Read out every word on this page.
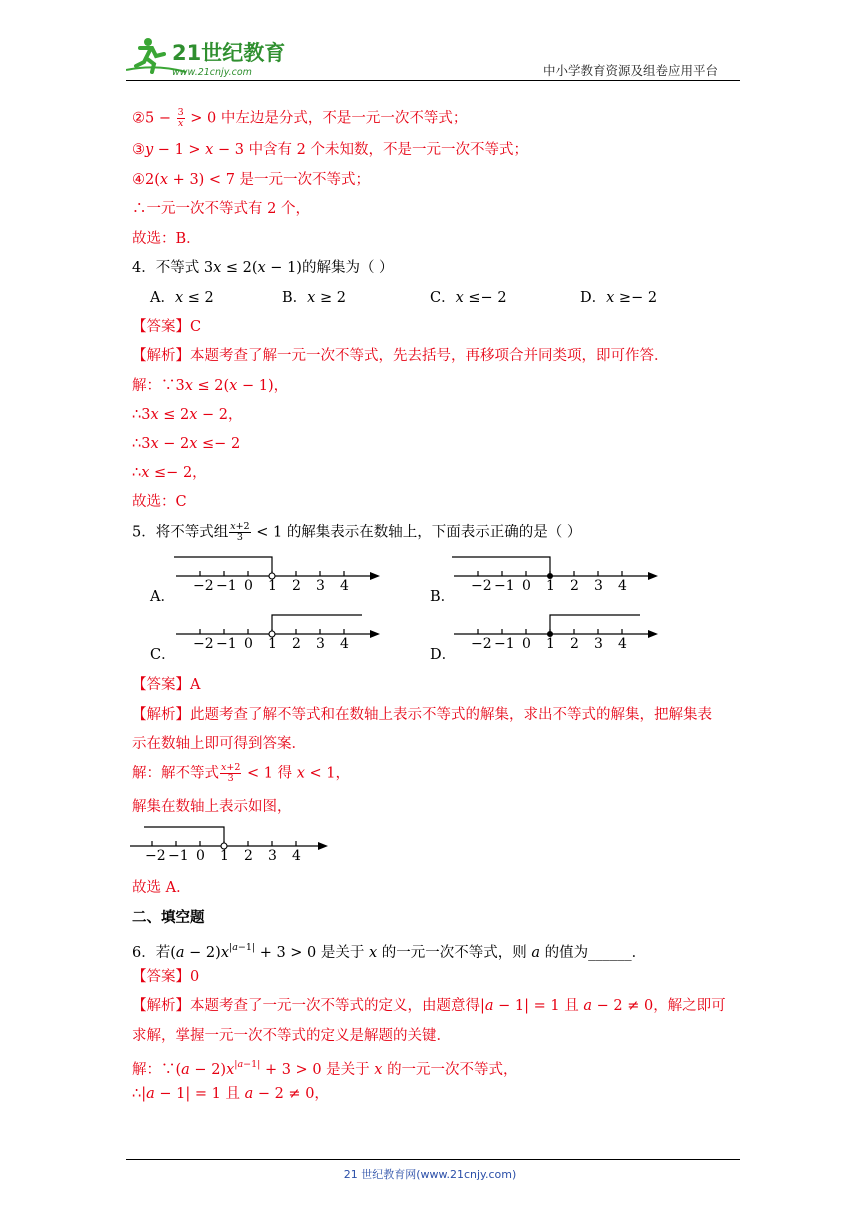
21世纪教育
www.21cnjy.com	中小学教育资源及组卷应用平台
②5 − $\frac{3}{x} > 0$ 中左边是分式，不是一元一次不等式；
③y − 1 > x − 3 中含有 2 个未知数，不是一元一次不等式；
④2(x + 3) < 7 是一元一次不等式；
∴一元一次不等式有 2 个，
故选：B．
4．不等式 3x ≤ 2(x − 1)的解集为（ ）
A．x ≤ 2	B．x ≥ 2	C．x ≤− 2	D．x ≥− 2
【答案】C
【解析】本题考查了解一元一次不等式，先去括号，再移项合并同类项，即可作答．
解：∵3x ≤ 2(x − 1)，
∴3x ≤ 2x − 2，
∴3x − 2x ≤− 2
∴x ≤− 2，
故选：C
5．将不等式组 $\frac{x+2}{3} < 1$ 的解集表示在数轴上，下面表示正确的是（ ）
A．
−2 −1 0 1 2 3 4
B．
−2 −1 0 1 2 3 4
C．
−2 −1 0 1 2 3 4
D．
−2 −1 0 1 2 3 4
【答案】A
【解析】此题考查了解不等式和在数轴上表示不等式的解集，求出不等式的解集，把解集表
示在数轴上即可得到答案．
解：解不等式 $\frac{x+2}{3} < 1$ 得 x < 1，
解集在数轴上表示如图，
−2 −1 0 1 2 3 4
故选 A．
二、填空题
6．若$(a - 2)x^{|a-1|} + 3 > 0$ 是关于 x 的一元一次不等式，则 a 的值为______．
【答案】0
【解析】本题考查了一元一次不等式的定义，由题意得|a − 1| = 1 且 a − 2 ≠ 0，解之即可
求解，掌握一元一次不等式的定义是解题的关键．
解：∵(a − $2)x^{|a-1|} + 3 > 0$ 是关于 x 的一元一次不等式，
∴|a − 1| = 1 且 a − 2 ≠ 0，
21 世纪教育网(www.21cnjy.com)
